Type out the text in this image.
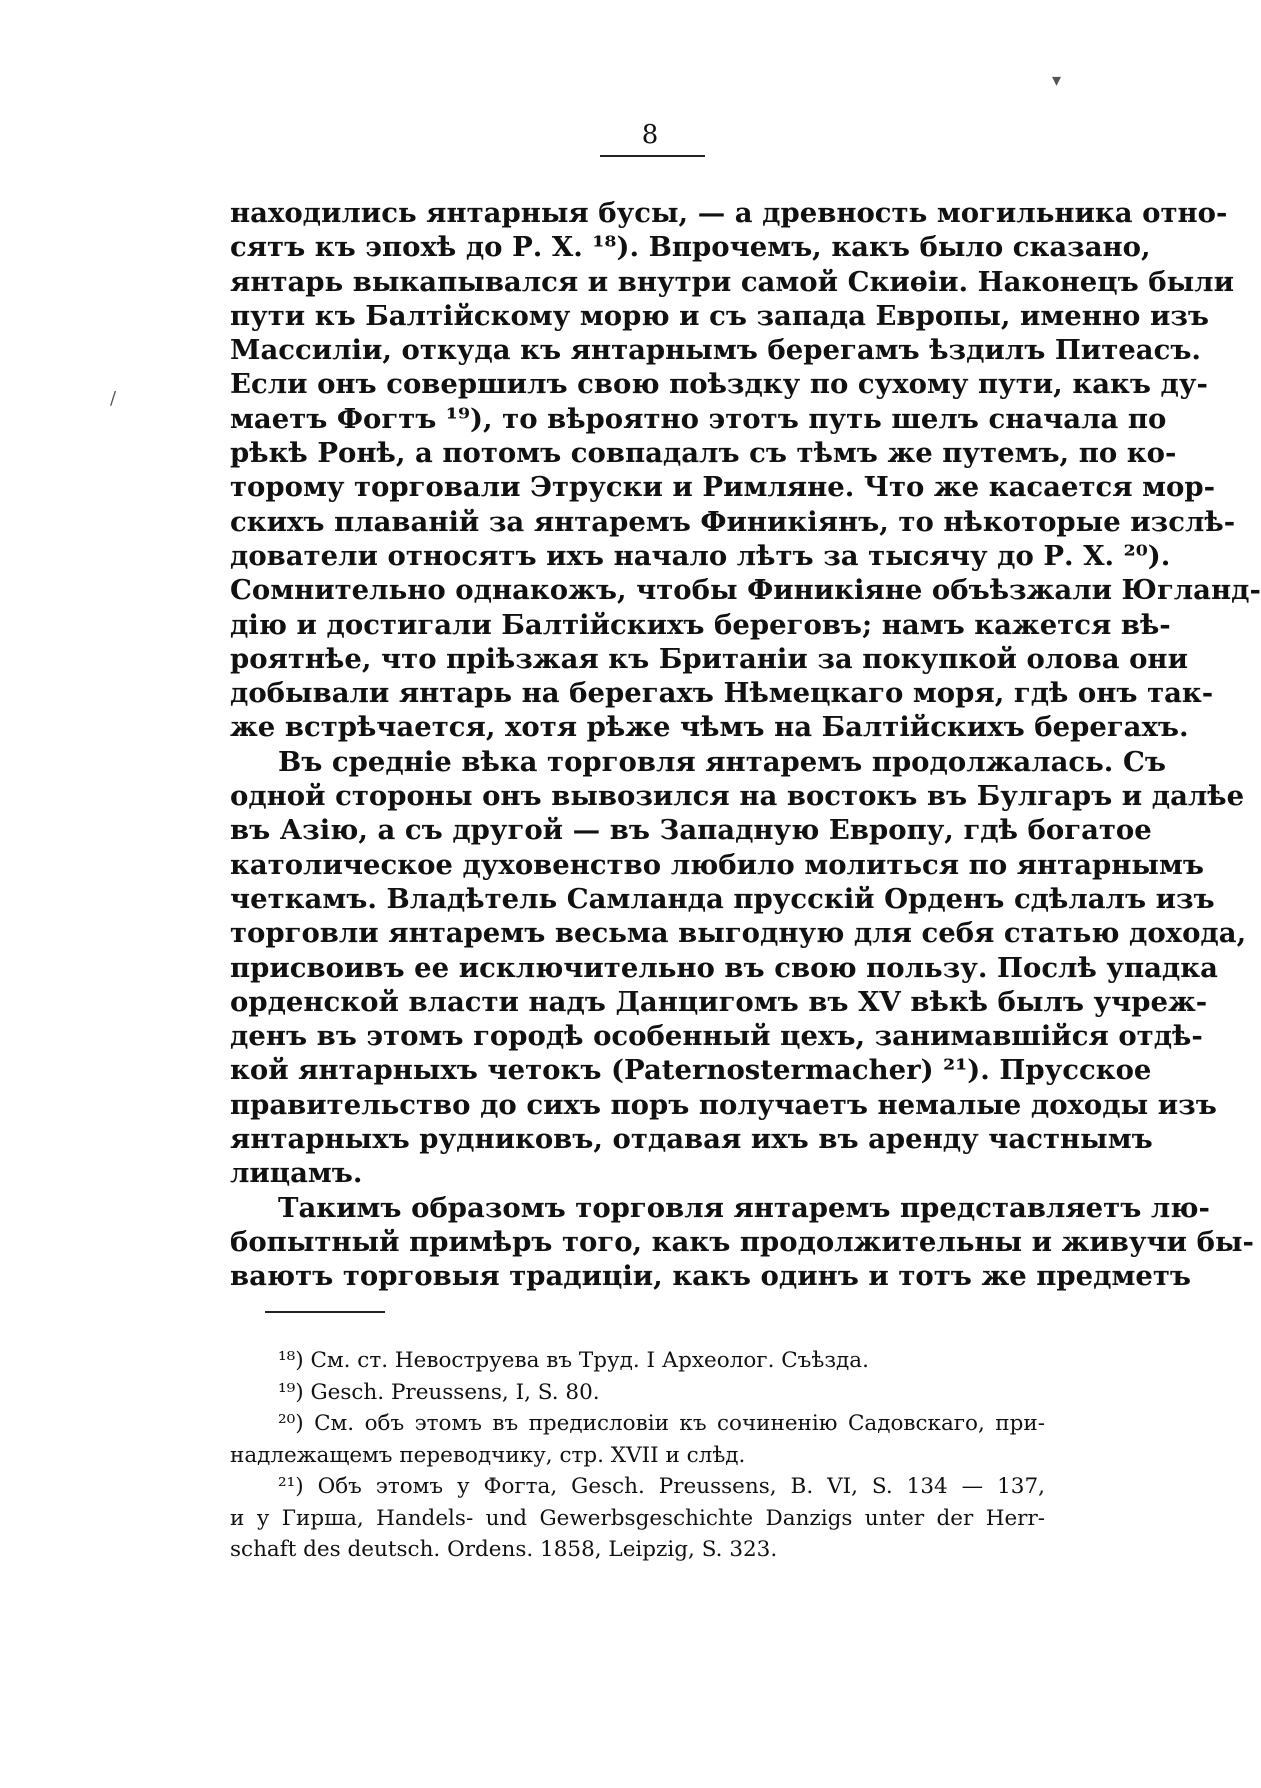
8
находились янтарныя бусы, — а древность могильника отно-
сятъ къ эпохѣ до Р. Х. ¹⁸). Впрочемъ, какъ было сказано,
янтарь выкапывался и внутри самой Скиѳіи. Наконецъ были
пути къ Балтійскому морю и съ запада Европы, именно изъ
Массиліи, откуда къ янтарнымъ берегамъ ѣздилъ Питеасъ.
Если онъ совершилъ свою поѣздку по сухому пути, какъ ду-
маетъ Фогтъ ¹⁹), то вѣроятно этотъ путь шелъ сначала по
рѣкѣ Ронѣ, а потомъ совпадалъ съ тѣмъ же путемъ, по ко-
торому торговали Этруски и Римляне. Что же касается мор-
скихъ плаваній за янтаремъ Финикіянъ, то нѣкоторые изслѣ-
дователи относятъ ихъ начало лѣтъ за тысячу до Р. Х. ²⁰).
Сомнительно однакожъ, чтобы Финикіяне объѣзжали Югланд-
дію и достигали Балтійскихъ береговъ; намъ кажется вѣ-
роятнѣе, что пріѣзжая къ Британіи за покупкой олова они
добывали янтарь на берегахъ Нѣмецкаго моря, гдѣ онъ так-
же встрѣчается, хотя рѣже чѣмъ на Балтійскихъ берегахъ.
Въ средніе вѣка торговля янтаремъ продолжалась. Съ
одной стороны онъ вывозился на востокъ въ Булгаръ и далѣе
въ Азію, а съ другой — въ Западную Европу, гдѣ богатое
католическое духовенство любило молиться по янтарнымъ
четкамъ. Владѣтель Самланда прусскій Орденъ сдѣлалъ изъ
торговли янтаремъ весьма выгодную для себя статью дохода,
присвоивъ ее исключительно въ свою пользу. Послѣ упадка
орденской власти надъ Данцигомъ въ XV вѣкѣ былъ учреж-
денъ въ этомъ городѣ особенный цехъ, занимавшійся отдѣ-
кой янтарныхъ четокъ (Paternostermacher) ²¹). Прусское
правительство до сихъ поръ получаетъ немалые доходы изъ
янтарныхъ рудниковъ, отдавая ихъ въ аренду частнымъ
лицамъ.
Такимъ образомъ торговля янтаремъ представляетъ лю-
бопытный примѣръ того, какъ продолжительны и живучи бы-
ваютъ торговыя традиціи, какъ одинъ и тотъ же предметъ
¹⁸) См. ст. Невоструева въ Труд. I Археолог. Съѣзда.
¹⁹) Gesch. Preussens, I, S. 80.
²⁰) См. объ этомъ въ предисловіи къ сочиненію Садовскаго, при-
надлежащемъ переводчику, стр. XVII и слѣд.
²¹) Объ этомъ у Фогта, Gesch. Preussens, B. VI, S. 134 — 137,
и у Гирша, Handels- und Gewerbsgeschichte Danzigs unter der Herr-
schaft des deutsch. Ordens. 1858, Leipzig, S. 323.
▾
/
